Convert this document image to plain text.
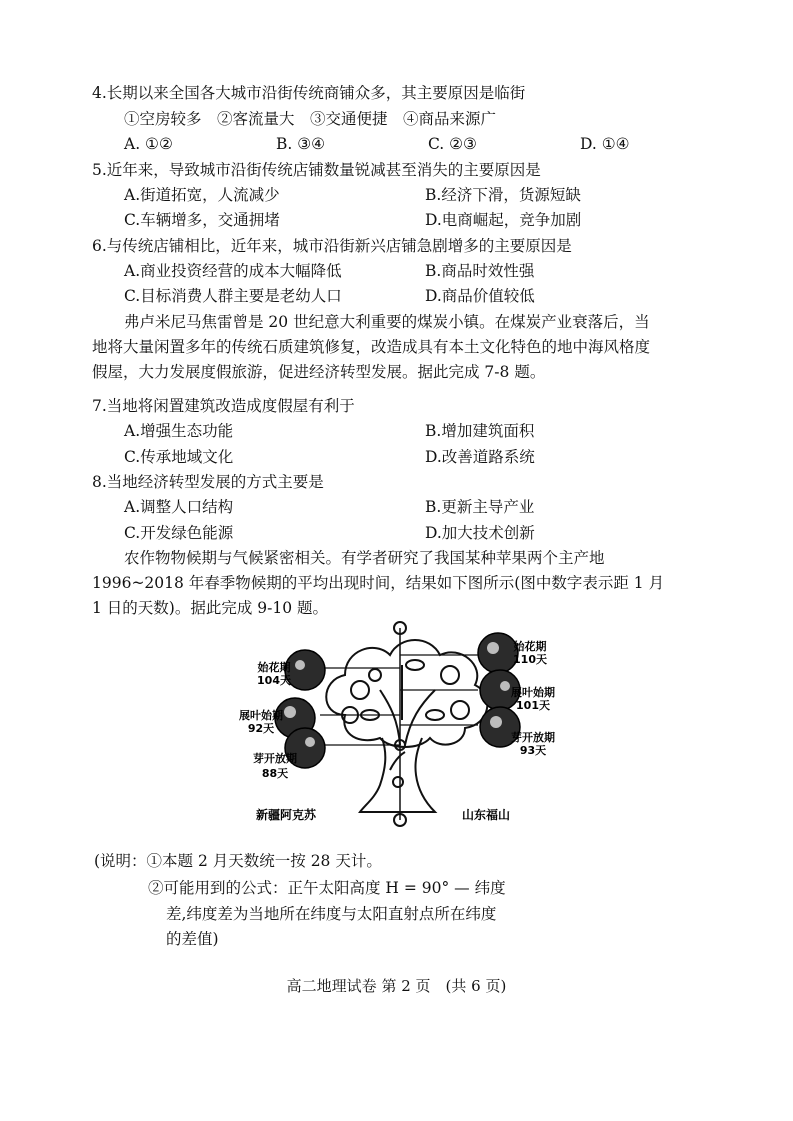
4.长期以来全国各大城市沿街传统商铺众多，其主要原因是临街
①空房较多　②客流量大　③交通便捷　④商品来源广
A. ①②	B. ③④	C. ②③	D. ①④
5.近年来，导致城市沿街传统店铺数量锐减甚至消失的主要原因是
A.街道拓宽，人流减少	B.经济下滑，货源短缺
C.车辆增多，交通拥堵	D.电商崛起，竞争加剧
6.与传统店铺相比，近年来，城市沿街新兴店铺急剧增多的主要原因是
A.商业投资经营的成本大幅降低	B.商品时效性强
C.目标消费人群主要是老幼人口	D.商品价值较低
弗卢米尼马焦雷曾是 20 世纪意大利重要的煤炭小镇。在煤炭产业衰落后，当
地将大量闲置多年的传统石质建筑修复，改造成具有本土文化特色的地中海风格度
假屋，大力发展度假旅游，促进经济转型发展。据此完成 7-8 题。
7.当地将闲置建筑改造成度假屋有利于
A.增强生态功能	B.增加建筑面积
C.传承地域文化	D.改善道路系统
8.当地经济转型发展的方式主要是
A.调整人口结构	B.更新主导产业
C.开发绿色能源	D.加大技术创新
农作物物候期与气候紧密相关。有学者研究了我国某种苹果两个主产地
1996~2018 年春季物候期的平均出现时间，结果如下图所示(图中数字表示距 1 月
1 日的天数)。据此完成 9-10 题。
始花期
104天
展叶始期
92天
芽开放期
88天
始花期
110天
展叶始期
101天
芽开放期
93天
新疆阿克苏	山东福山
(说明：①本题 2 月天数统一按 28 天计。
②可能用到的公式：正午太阳高度 H = 90° — 纬度
差,纬度差为当地所在纬度与太阳直射点所在纬度
的差值)
高二地理试卷 第 2 页　(共 6 页)
